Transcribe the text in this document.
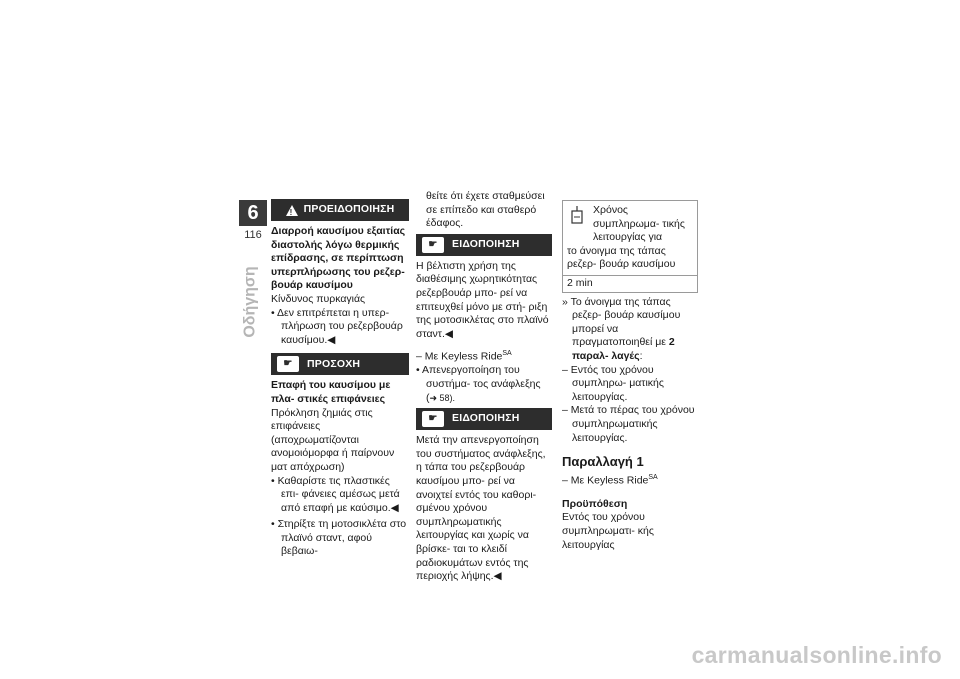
6
116
Οδήγηση
!
ΠΡΟΕΙΔΟΠΟΙΗΣΗ

Διαρροή καυσίμου εξαιτίας διαστολής λόγω θερμικής επίδρασης, σε περίπτωση υπερπλήρωσης του ρεζερ- βουάρ καυσίμου

Κίνδυνος πυρκαγιάς

• Δεν επιτρέπεται η υπερ- πλήρωση του ρεζερβουάρ καυσίμου.◀

☛	ΠΡΟΣΟΧΗ

Επαφή του καυσίμου με πλα- στικές επιφάνειες

Πρόκληση ζημιάς στις επιφάνειες (αποχρωματίζονται ανομοιόμορφα ή παίρνουν ματ απόχρωση)

• Καθαρίστε τις πλαστικές επι- φάνειες αμέσως μετά από επαφή με καύσιμο.◀

• Στηρίξτε τη μοτοσικλέτα στο πλαϊνό σταντ, αφού βεβαιω-

θείτε ότι έχετε σταθμεύσει σε επίπεδο και σταθερό έδαφος.

☛	ΕΙΔΟΠΟΙΗΣΗ

Η βέλτιστη χρήση της διαθέσιμης χωρητικότητας ρεζερβουάρ μπο- ρεί να επιτευχθεί μόνο με στή- ριξη της μοτοσικλέτας στο πλαϊνό σταντ.◀

– Με Keyless Ride$^{SA}$

• Απενεργοποίηση του συστήμα- τος ανάφλεξης (➜ 58).

☛	ΕΙΔΟΠΟΙΗΣΗ

Μετά την απενεργοποίηση του συστήματος ανάφλεξης, η τάπα του ρεζερβουάρ καυσίμου μπο- ρεί να ανοιχτεί εντός του καθορι- σμένου χρόνου συμπληρωματικής λειτουργίας και χωρίς να βρίσκε- ται το κλειδί ραδιοκυμάτων εντός της περιοχής λήψης.◀

Χρόνος συμπληρωμα- τικής λειτουργίας για

το άνοιγμα της τάπας ρεζερ- βουάρ καυσίμου

2 min

» Το άνοιγμα της τάπας ρεζερ- βουάρ καυσίμου μπορεί να πραγματοποιηθεί με 2 παραλ- λαγές:

– Εντός του χρόνου συμπληρω- ματικής λειτουργίας.

– Μετά το πέρας του χρόνου συμπληρωματικής λειτουργίας.

Παραλλαγή 1

– Με Keyless Ride$^{SA}$

Προϋπόθεση

Εντός του χρόνου συμπληρωματι- κής λειτουργίας

carmanualsonline.info
